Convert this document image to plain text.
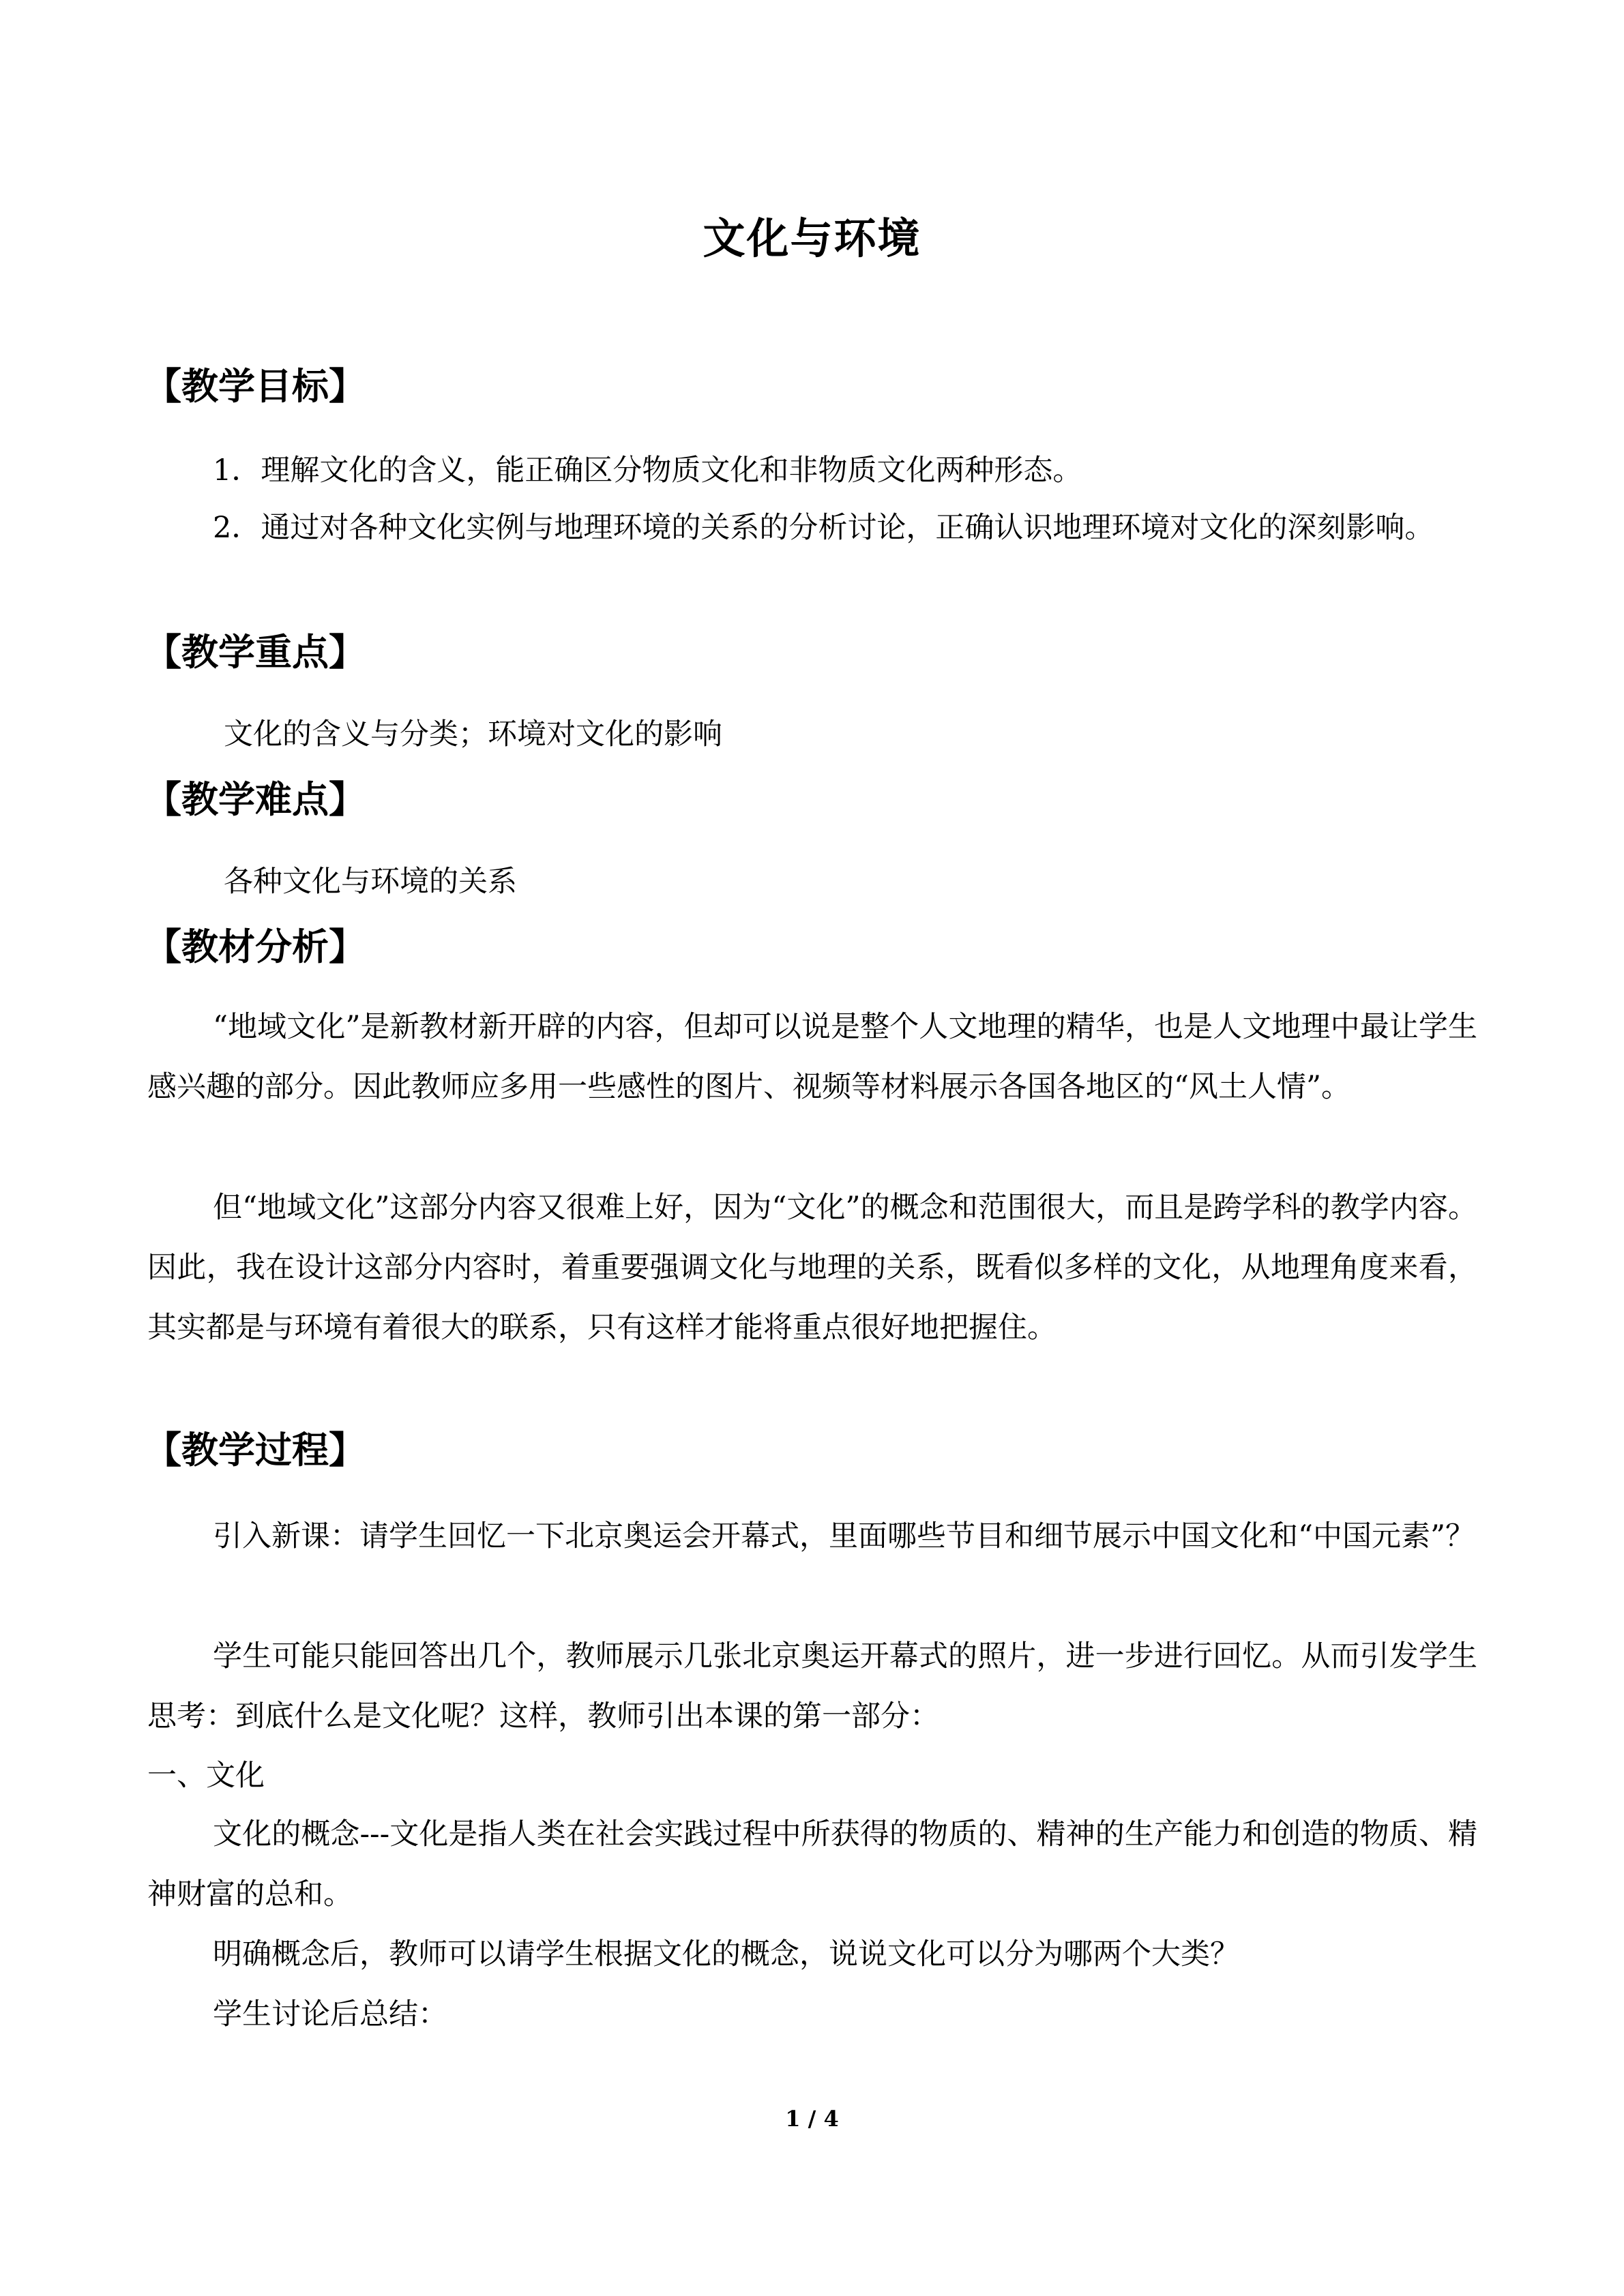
文化与环境
【教学目标】
1．理解文化的含义，能正确区分物质文化和非物质文化两种形态。
2．通过对各种文化实例与地理环境的关系的分析讨论，正确认识地理环境对文化的深刻影响。
【教学重点】
文化的含义与分类；环境对文化的影响
【教学难点】
各种文化与环境的关系
【教材分析】
“地域文化”是新教材新开辟的内容，但却可以说是整个人文地理的精华，也是人文地理中最让学生感兴趣的部分。因此教师应多用一些感性的图片、视频等材料展示各国各地区的“风土人情”。
但“地域文化”这部分内容又很难上好，因为“文化”的概念和范围很大，而且是跨学科的教学内容。因此，我在设计这部分内容时，着重要强调文化与地理的关系，既看似多样的文化，从地理角度来看，其实都是与环境有着很大的联系，只有这样才能将重点很好地把握住。
【教学过程】
引入新课：请学生回忆一下北京奥运会开幕式，里面哪些节目和细节展示中国文化和“中国元素”？
学生可能只能回答出几个，教师展示几张北京奥运开幕式的照片，进一步进行回忆。从而引发学生思考：到底什么是文化呢？这样，教师引出本课的第一部分：
一、文化
文化的概念---文化是指人类在社会实践过程中所获得的物质的、精神的生产能力和创造的物质、精神财富的总和。
明确概念后，教师可以请学生根据文化的概念，说说文化可以分为哪两个大类？
学生讨论后总结：
1 / 4
